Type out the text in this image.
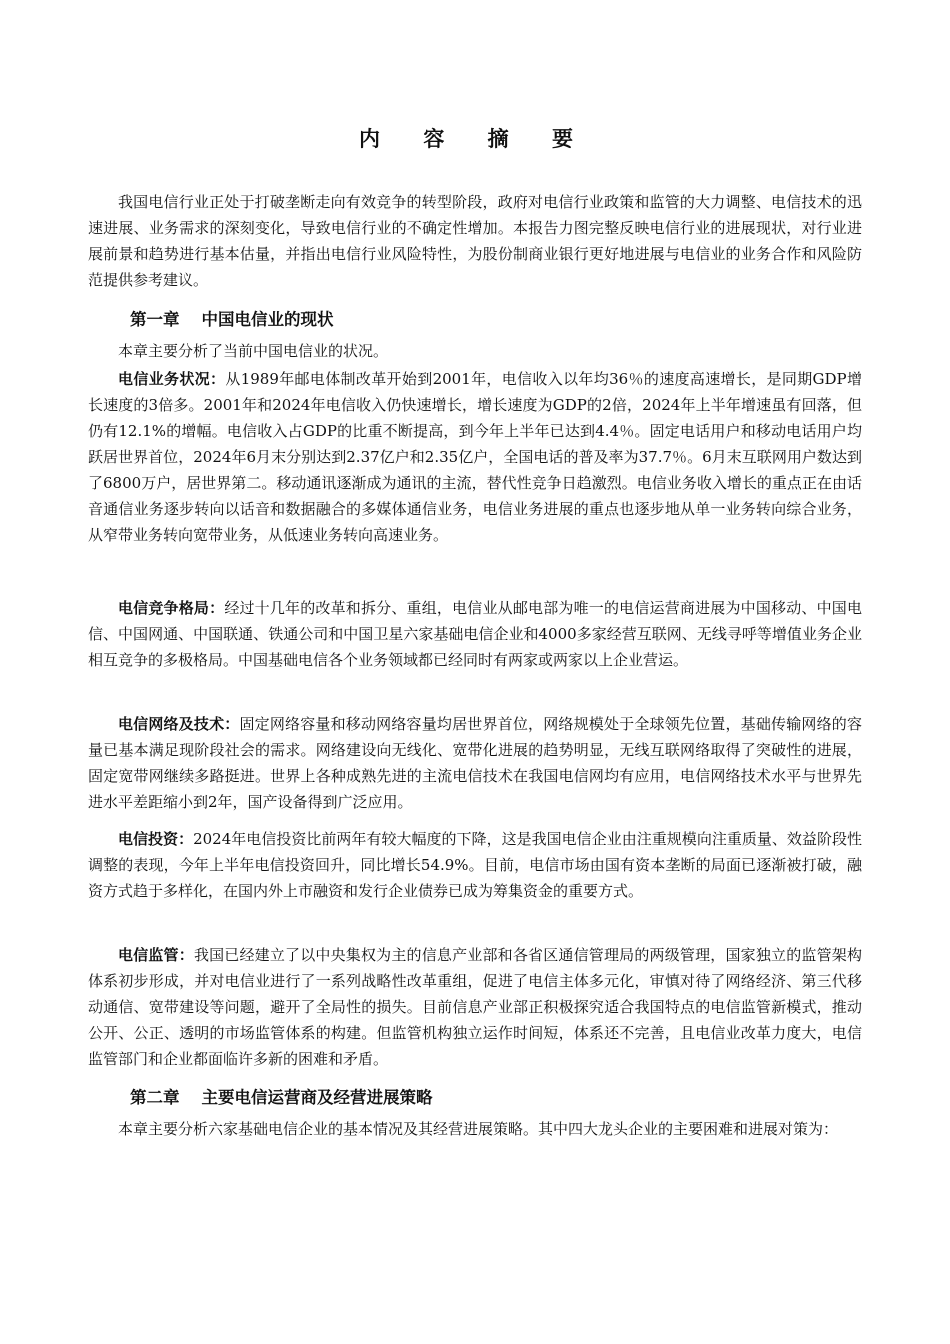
内 容 摘 要

我国电信行业正处于打破垄断走向有效竞争的转型阶段，政府对电信行业政策和监管的大力调整、电信技术的迅速进展、业务需求的深刻变化，导致电信行业的不确定性增加。本报告力图完整反映电信行业的进展现状，对行业进展前景和趋势进行基本估量，并指出电信行业风险特性，为股份制商业银行更好地进展与电信业的业务合作和风险防范提供参考建议。

第一章 中国电信业的现状

本章主要分析了当前中国电信业的状况。

电信业务状况：从1989年邮电体制改革开始到2001年，电信收入以年均36％的速度高速增长，是同期GDP增长速度的3倍多。2001年和2024年电信收入仍快速增长，增长速度为GDP的2倍，2024年上半年增速虽有回落，但仍有12.1%的增幅。电信收入占GDP的比重不断提高，到今年上半年已达到4.4％。固定电话用户和移动电话用户均跃居世界首位，2024年6月末分别达到2.37亿户和2.35亿户，全国电话的普及率为37.7％。6月末互联网用户数达到了6800万户，居世界第二。移动通讯逐渐成为通讯的主流，替代性竞争日趋激烈。电信业务收入增长的重点正在由话音通信业务逐步转向以话音和数据融合的多媒体通信业务，电信业务进展的重点也逐步地从单一业务转向综合业务，从窄带业务转向宽带业务，从低速业务转向高速业务。

电信竞争格局：经过十几年的改革和拆分、重组，电信业从邮电部为唯一的电信运营商进展为中国移动、中国电信、中国网通、中国联通、铁通公司和中国卫星六家基础电信企业和4000多家经营互联网、无线寻呼等增值业务企业相互竞争的多极格局。中国基础电信各个业务领域都已经同时有两家或两家以上企业营运。

电信网络及技术：固定网络容量和移动网络容量均居世界首位，网络规模处于全球领先位置，基础传输网络的容量已基本满足现阶段社会的需求。网络建设向无线化、宽带化进展的趋势明显，无线互联网络取得了突破性的进展，固定宽带网继续多路挺进。世界上各种成熟先进的主流电信技术在我国电信网均有应用，电信网络技术水平与世界先进水平差距缩小到2年，国产设备得到广泛应用。

电信投资：2024年电信投资比前两年有较大幅度的下降，这是我国电信企业由注重规模向注重质量、效益阶段性调整的表现，今年上半年电信投资回升，同比增长54.9%。目前，电信市场由国有资本垄断的局面已逐渐被打破，融资方式趋于多样化，在国内外上市融资和发行企业债券已成为筹集资金的重要方式。

电信监管：我国已经建立了以中央集权为主的信息产业部和各省区通信管理局的两级管理，国家独立的监管架构体系初步形成，并对电信业进行了一系列战略性改革重组，促进了电信主体多元化，审慎对待了网络经济、第三代移动通信、宽带建设等问题，避开了全局性的损失。目前信息产业部正积极探究适合我国特点的电信监管新模式，推动公开、公正、透明的市场监管体系的构建。但监管机构独立运作时间短，体系还不完善，且电信业改革力度大，电信监管部门和企业都面临许多新的困难和矛盾。

第二章 主要电信运营商及经营进展策略

本章主要分析六家基础电信企业的基本情况及其经营进展策略。其中四大龙头企业的主要困难和进展对策为：
